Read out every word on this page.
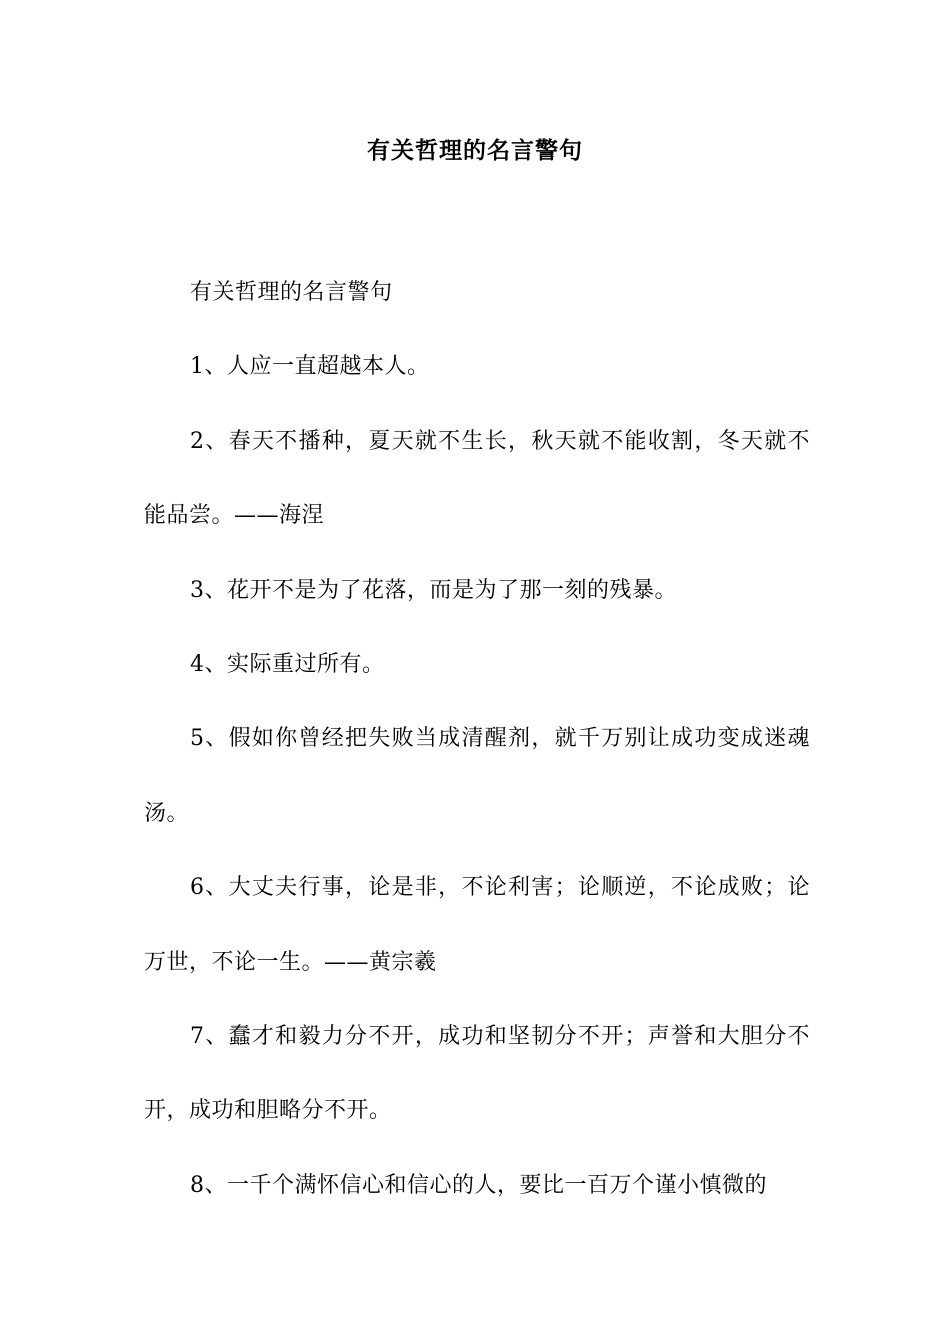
有关哲理的名言警句

有关哲理的名言警句

1、人应一直超越本人。

2、春天不播种，夏天就不生长，秋天就不能收割，冬天就不能品尝。——海涅

3、花开不是为了花落，而是为了那一刻的残暴。

4、实际重过所有。

5、假如你曾经把失败当成清醒剂，就千万别让成功变成迷魂汤。

6、大丈夫行事，论是非，不论利害；论顺逆，不论成败；论万世，不论一生。——黄宗羲

7、蠢才和毅力分不开，成功和坚韧分不开；声誉和大胆分不开，成功和胆略分不开。

8、一千个满怀信心和信心的人，要比一百万个谨小慎微的
